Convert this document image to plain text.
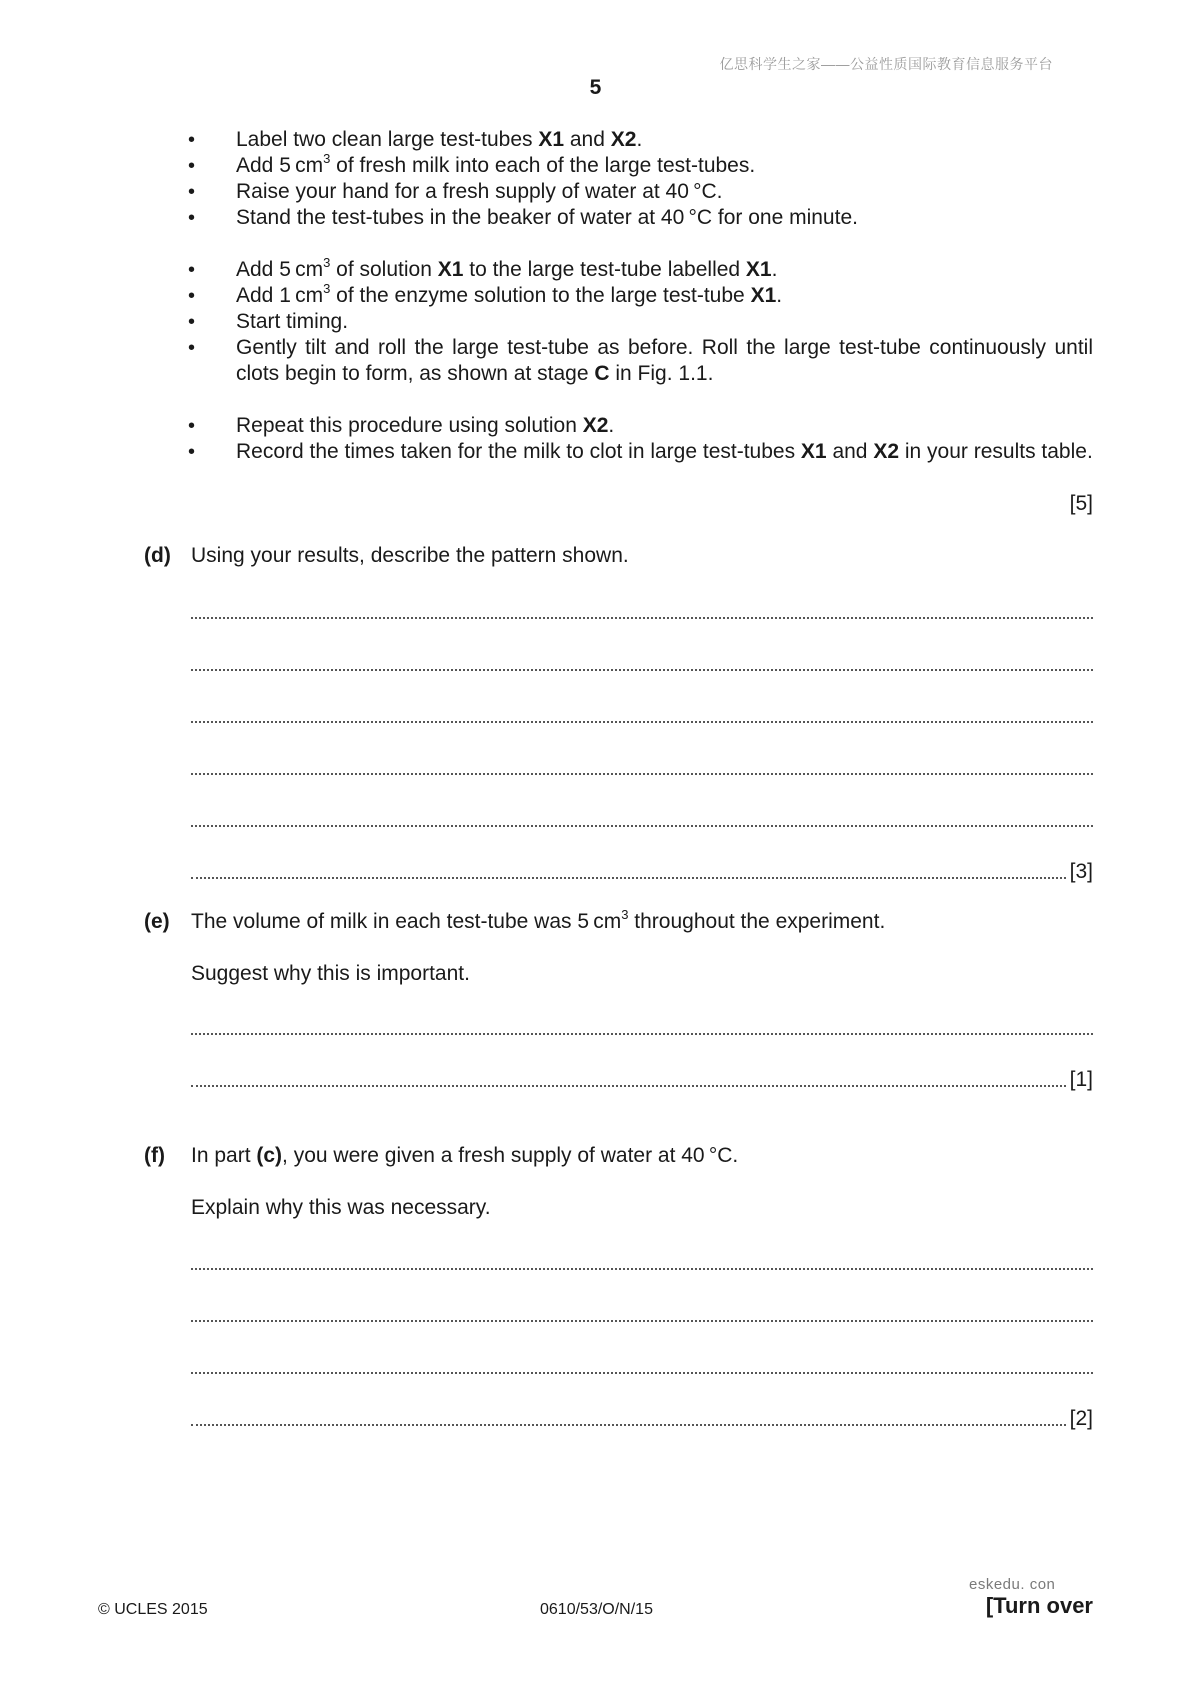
亿思科学生之家——公益性质国际教育信息服务平台
5
• Label two clean large test-tubes X1 and X2.
• Add 5 $cm^3$ of fresh milk into each of the large test-tubes.
• Raise your hand for a fresh supply of water at 40 °C.
• Stand the test-tubes in the beaker of water at 40 °C for one minute.
• Add 5 $cm^3$ of solution X1 to the large test-tube labelled X1.
• Add 1 $cm^3$ of the enzyme solution to the large test-tube X1.
• Start timing.
• Gently tilt and roll the large test-tube as before. Roll the large test-tube continuously until clots begin to form, as shown at stage C in Fig. 1.1.
• Repeat this procedure using solution X2.
• Record the times taken for the milk to clot in large test-tubes X1 and X2 in your results table.
[5]
(d) Using your results, describe the pattern shown.
[3]
(e) The volume of milk in each test-tube was 5 $cm^3$ throughout the experiment.
Suggest why this is important.
[1]
(f) In part (c), you were given a fresh supply of water at 40 °C.
Explain why this was necessary.
[2]
eskedu. con
© UCLES 2015	0610/53/O/N/15	[Turn over
